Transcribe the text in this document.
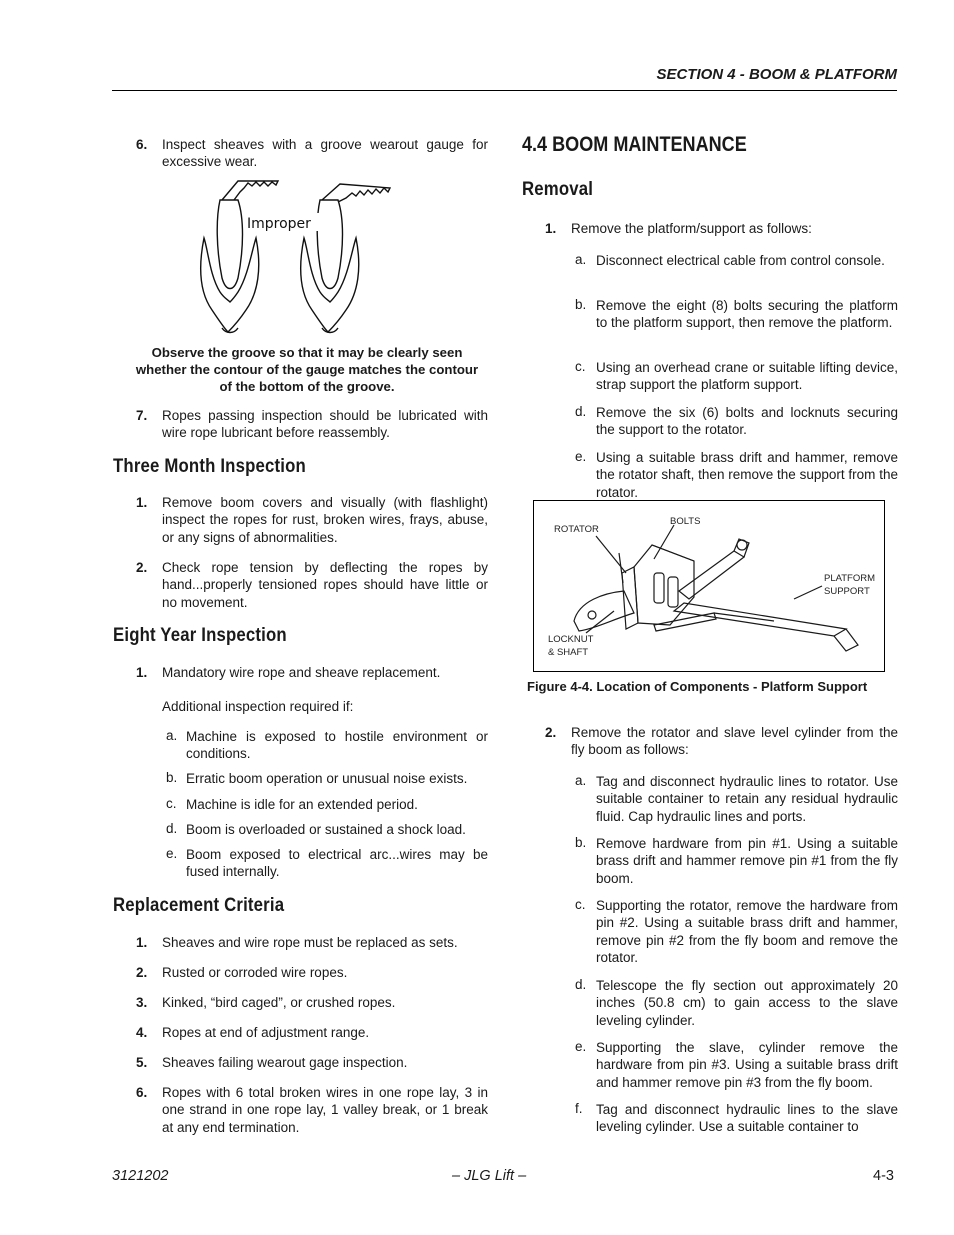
SECTION 4 - BOOM & PLATFORM
6. Inspect sheaves with a groove wearout gauge for excessive wear.
Improper
Observe the groove so that it may be clearly seen whether the contour of the gauge matches the contour of the bottom of the groove.
7. Ropes passing inspection should be lubricated with wire rope lubricant before reassembly.
Three Month Inspection
1. Remove boom covers and visually (with flashlight) inspect the ropes for rust, broken wires, frays, abuse, or any signs of abnormalities.
2. Check rope tension by deflecting the ropes by hand...properly tensioned ropes should have little or no movement.
Eight Year Inspection
1. Mandatory wire rope and sheave replacement.
Additional inspection required if:
a. Machine is exposed to hostile environment or conditions.
b. Erratic boom operation or unusual noise exists.
c. Machine is idle for an extended period.
d. Boom is overloaded or sustained a shock load.
e. Boom exposed to electrical arc...wires may be fused internally.
Replacement Criteria
1. Sheaves and wire rope must be replaced as sets.
2. Rusted or corroded wire ropes.
3. Kinked, “bird caged”, or crushed ropes.
4. Ropes at end of adjustment range.
5. Sheaves failing wearout gage inspection.
6. Ropes with 6 total broken wires in one rope lay, 3 in one strand in one rope lay, 1 valley break, or 1 break at any end termination.
4.4 BOOM MAINTENANCE
Removal
1. Remove the platform/support as follows:
a. Disconnect electrical cable from control console.
b. Remove the eight (8) bolts securing the platform to the platform support, then remove the platform.
c. Using an overhead crane or suitable lifting device, strap support the platform support.
d. Remove the six (6) bolts and locknuts securing the support to the rotator.
e. Using a suitable brass drift and hammer, remove the rotator shaft, then remove the support from the rotator.
ROTATOR
BOLTS
PLATFORM
SUPPORT
LOCKNUT
& SHAFT
Figure 4-4. Location of Components - Platform Support
2. Remove the rotator and slave level cylinder from the fly boom as follows:
a. Tag and disconnect hydraulic lines to rotator. Use suitable container to retain any residual hydraulic fluid. Cap hydraulic lines and ports.
b. Remove hardware from pin #1. Using a suitable brass drift and hammer remove pin #1 from the fly boom.
c. Supporting the rotator, remove the hardware from pin #2. Using a suitable brass drift and hammer, remove pin #2 from the fly boom and remove the rotator.
d. Telescope the fly section out approximately 20 inches (50.8 cm) to gain access to the slave leveling cylinder.
e. Supporting the slave, cylinder remove the hardware from pin #3. Using a suitable brass drift and hammer remove pin #3 from the fly boom.
f. Tag and disconnect hydraulic lines to the slave leveling cylinder. Use a suitable container to
3121202	– JLG Lift –	4-3
